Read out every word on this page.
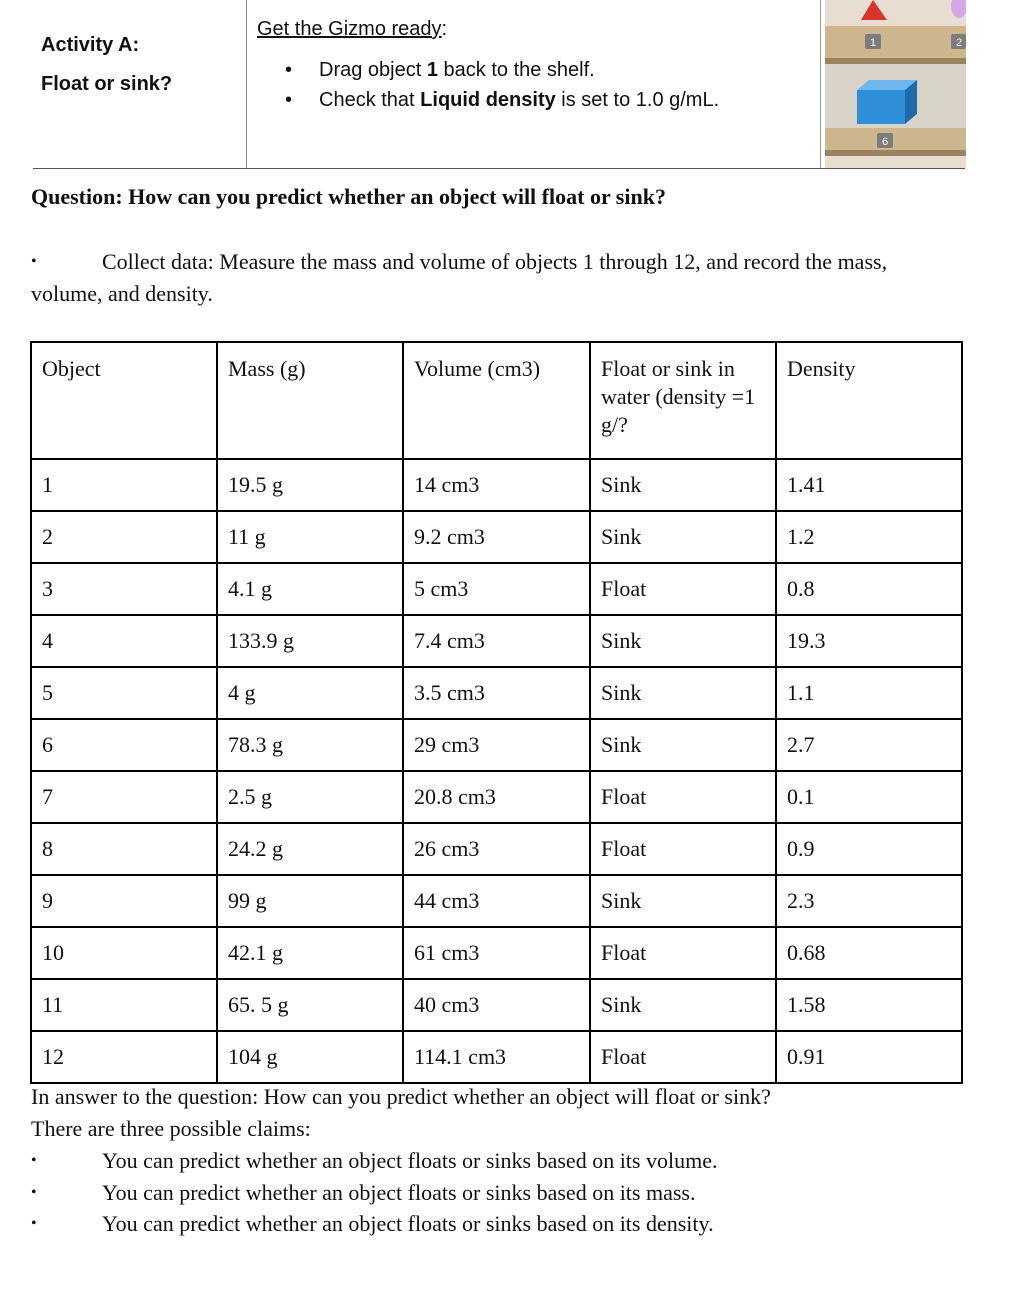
Activity A:
Float or sink?
Get the Gizmo ready:
• Drag object 1 back to the shelf.
• Check that Liquid density is set to 1.0 g/mL.
1	2
6
Question: How can you predict whether an object will float or sink?
•	Collect data: Measure the mass and volume of objects 1 through 12, and record the mass,
volume, and density.
Object	Mass (g)	Volume (cm3)	Float or sink in water (density =1 g/?	Density
1	19.5 g	14 cm3	Sink	1.41
2	11 g	9.2 cm3	Sink	1.2
3	4.1 g	5 cm3	Float	0.8
4	133.9 g	7.4 cm3	Sink	19.3
5	4 g	3.5 cm3	Sink	1.1
6	78.3 g	29 cm3	Sink	2.7
7	2.5 g	20.8 cm3	Float	0.1
8	24.2 g	26 cm3	Float	0.9
9	99 g	44 cm3	Sink	2.3
10	42.1 g	61 cm3	Float	0.68
11	65. 5 g	40 cm3	Sink	1.58
12	104 g	114.1 cm3	Float	0.91
In answer to the question: How can you predict whether an object will float or sink?
There are three possible claims:
• You can predict whether an object floats or sinks based on its volume.
• You can predict whether an object floats or sinks based on its mass.
• You can predict whether an object floats or sinks based on its density.
